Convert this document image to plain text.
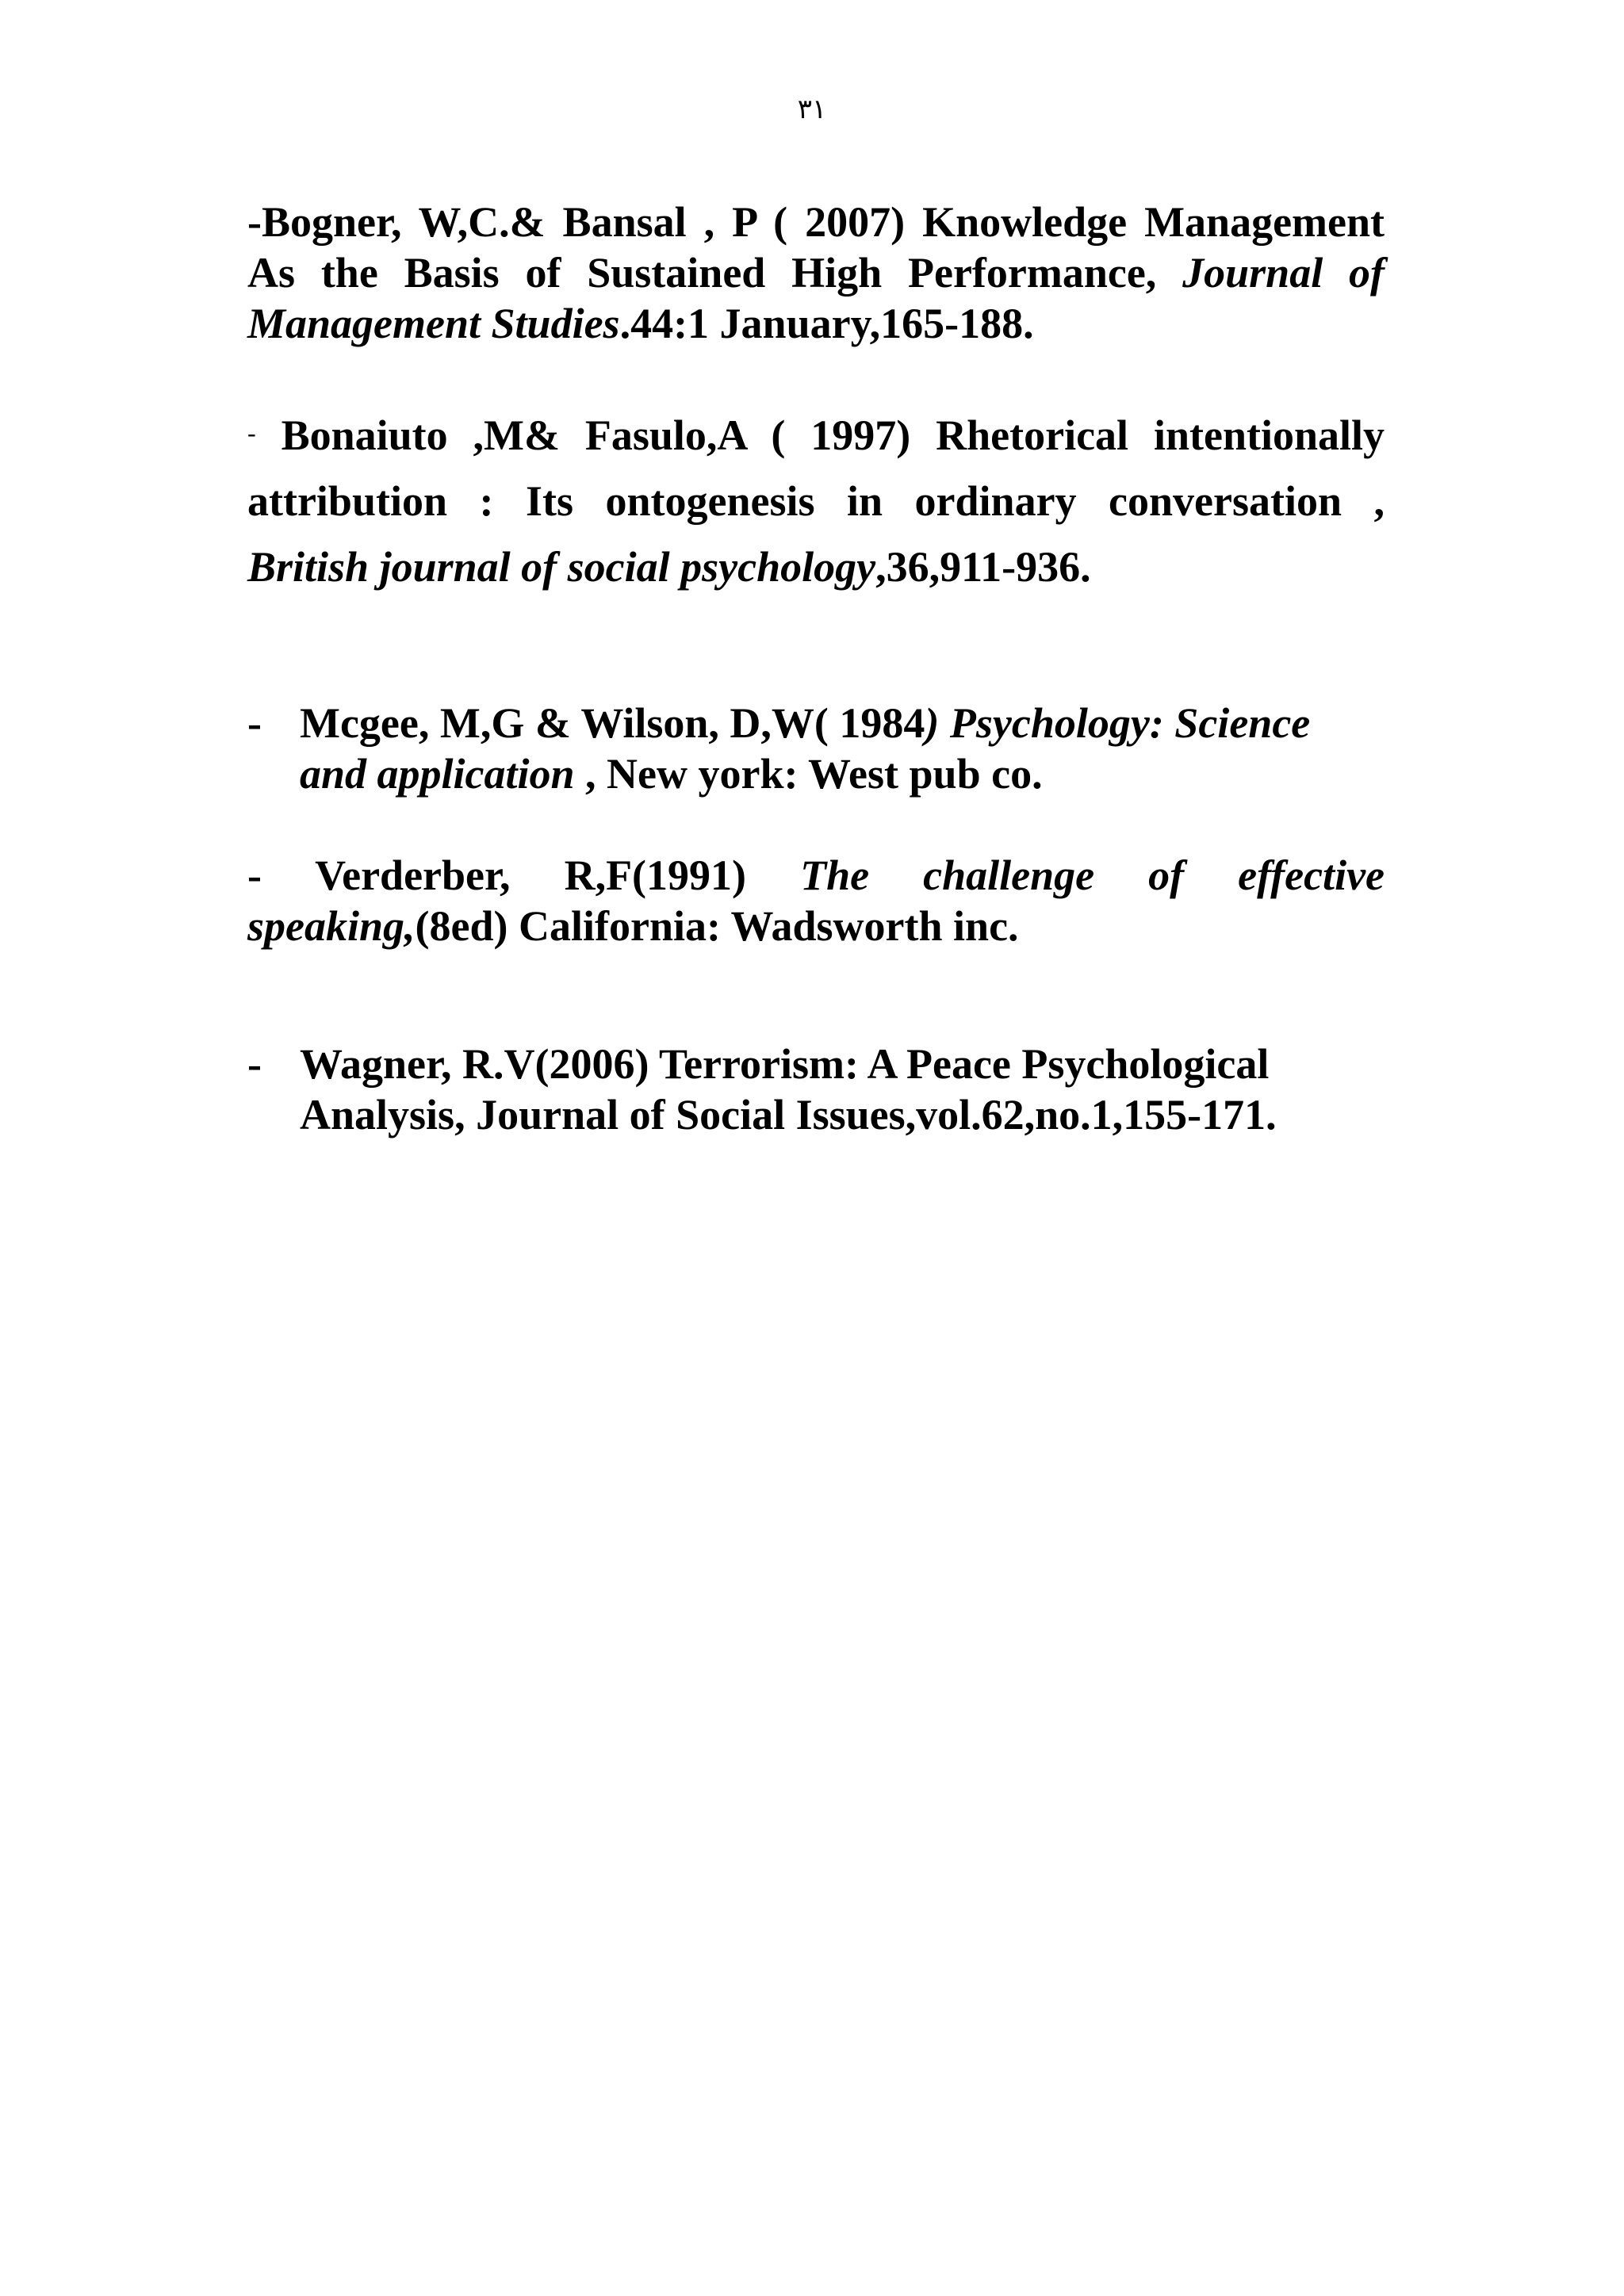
٣١
-Bogner, W,C.& Bansal , P ( 2007) Knowledge Management
As the Basis of Sustained High Performance, Journal of
Management Studies.44:1 January,165-188.
- Bonaiuto ,M& Fasulo,A ( 1997) Rhetorical intentionally
attribution : Its ontogenesis in ordinary conversation ,
British journal of social psychology,36,911-936.
- Mcgee, M,G & Wilson, D,W( 1984) Psychology: Science
and application , New york: West pub co.
- Verderber, R,F(1991) The challenge of effective
speaking,(8ed) California: Wadsworth inc.
- Wagner, R.V(2006) Terrorism: A Peace Psychological
Analysis, Journal of Social Issues,vol.62,no.1,155-171.
